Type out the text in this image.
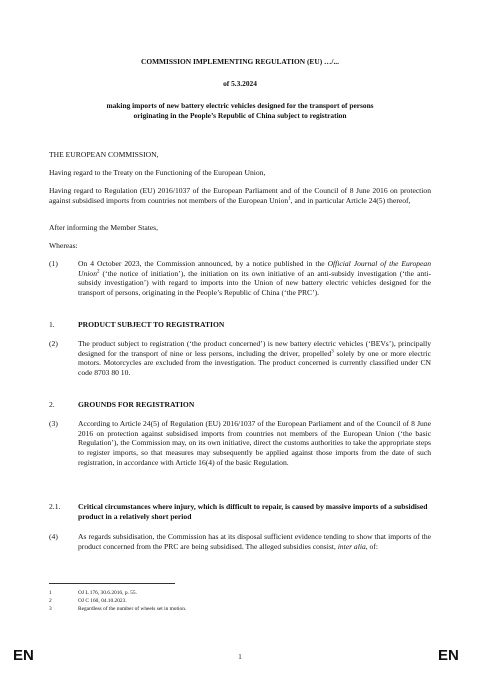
COMMISSION IMPLEMENTING REGULATION (EU) …/...
of 5.3.2024
making imports of new battery electric vehicles designed for the transport of persons
originating in the People’s Republic of China subject to registration
THE EUROPEAN COMMISSION,
Having regard to the Treaty on the Functioning of the European Union,
Having regard to Regulation (EU) 2016/1037 of the European Parliament and of the Council of 8 June 2016 on protection against subsidised imports from countries not members of the European Union$^1$, and in particular Article 24(5) thereof,
After informing the Member States,
Whereas:
(1)	On 4 October 2023, the Commission announced, by a notice published in the Official Journal of the European Union$^2$ (‘the notice of initiation’), the initiation on its own initiative of an anti-subsidy investigation (‘the anti-subsidy investigation’) with regard to imports into the Union of new battery electric vehicles designed for the transport of persons, originating in the People’s Republic of China (‘the PRC’).
1.	PRODUCT SUBJECT TO REGISTRATION
(2)	The product subject to registration (‘the product concerned’) is new battery electric vehicles (‘BEVs’), principally designed for the transport of nine or less persons, including the driver, propelled$^3$ solely by one or more electric motors. Motorcycles are excluded from the investigation. The product concerned is currently classified under CN code 8703 80 10.
2.	GROUNDS FOR REGISTRATION
(3)	According to Article 24(5) of Regulation (EU) 2016/1037 of the European Parliament and of the Council of 8 June 2016 on protection against subsidised imports from countries not members of the European Union (‘the basic Regulation’), the Commission may, on its own initiative, direct the customs authorities to take the appropriate steps to register imports, so that measures may subsequently be applied against those imports from the date of such registration, in accordance with Article 16(4) of the basic Regulation.
2.1. Critical circumstances where injury, which is difficult to repair, is caused by massive imports of a subsidised product in a relatively short period
(4)	As regards subsidisation, the Commission has at its disposal sufficient evidence tending to show that imports of the product concerned from the PRC are being subsidised. The alleged subsidies consist, inter alia, of:
1	OJ L 176, 30.6.2016, p. 55.
2	OJ C 160, 04.10.2023.
3	Regardless of the number of wheels set in motion.
EN	1	EN
